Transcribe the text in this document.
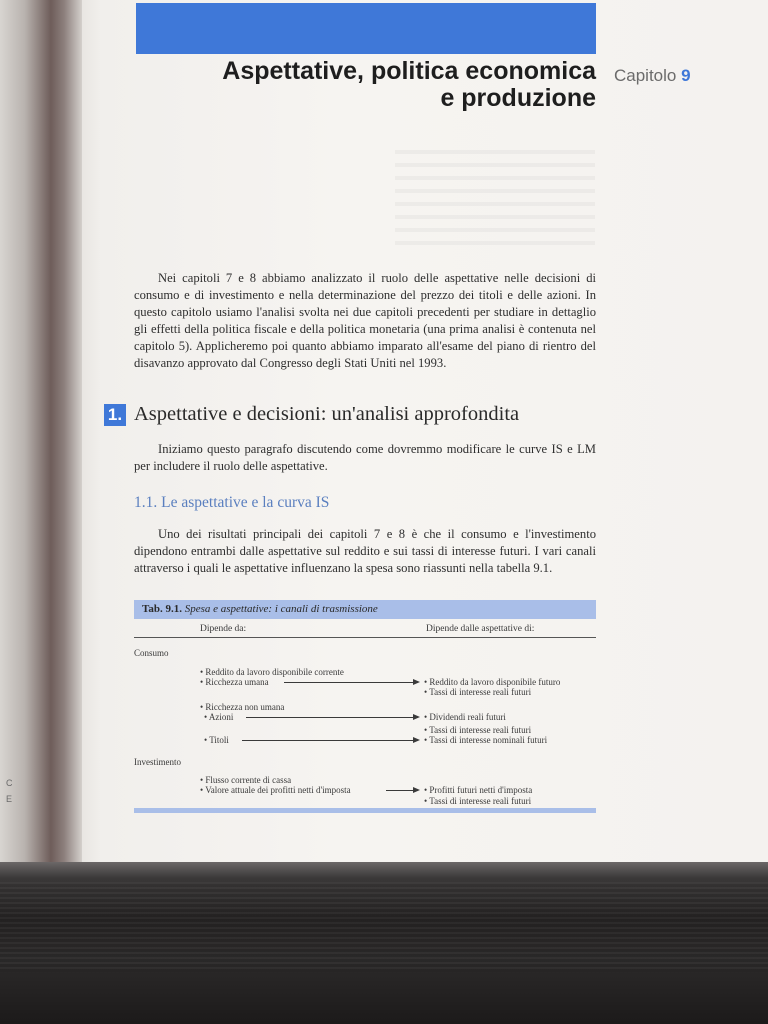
Aspettative, politica economica
e produzione
Capitolo 9

Nei capitoli 7 e 8 abbiamo analizzato il ruolo delle aspettative nelle decisioni di consumo e di investimento e nella determinazione del prezzo dei titoli e delle azioni. In questo capitolo usiamo l'analisi svolta nei due capitoli precedenti per studiare in dettaglio gli effetti della politica fiscale e della politica monetaria (una prima analisi è contenuta nel capitolo 5). Applicheremo poi quanto abbiamo imparato all'esame del piano di rientro del disavanzo approvato dal Congresso degli Stati Uniti nel 1993.

1. Aspettative e decisioni: un'analisi approfondita

Iniziamo questo paragrafo discutendo come dovremmo modificare le curve IS e LM per includere il ruolo delle aspettative.

1.1. Le aspettative e la curva IS

Uno dei risultati principali dei capitoli 7 e 8 è che il consumo e l'investimento dipendono entrambi dalle aspettative sul reddito e sui tassi di interesse futuri. I vari canali attraverso i quali le aspettative influenzano la spesa sono riassunti nella tabella 9.1.

Tab. 9.1. Spesa e aspettative: i canali di trasmissione
Dipende da:	Dipende dalle aspettative di:
Consumo
• Reddito da lavoro disponibile corrente
• Ricchezza umana	• Reddito da lavoro disponibile futuro
• Tassi di interesse reali futuri
• Ricchezza non umana
• Azioni	• Dividendi reali futuri
• Tassi di interesse reali futuri
• Titoli	• Tassi di interesse nominali futuri
Investimento
• Flusso corrente di cassa
• Valore attuale dei profitti netti d'imposta	• Profitti futuri netti d'imposta
• Tassi di interesse reali futuri
C
E
